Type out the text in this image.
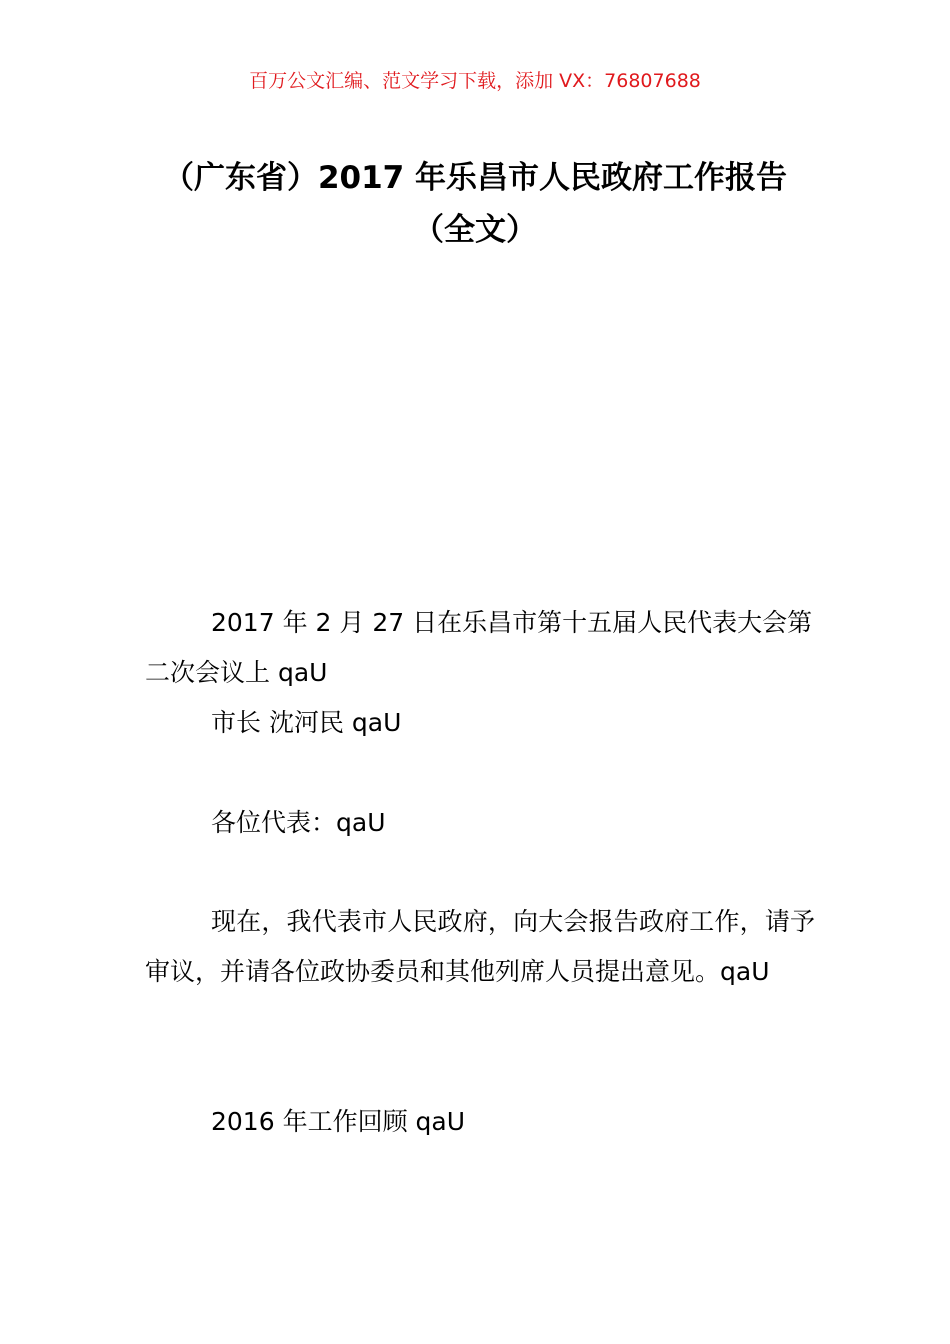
百万公文汇编、范文学习下载，添加 VX：76807688
（广东省）2017 年乐昌市人民政府工作报告（全文）

2017 年 2 月 27 日在乐昌市第十五届人民代表大会第二次会议上 qaU

市长 沈河民 qaU

各位代表：qaU

现在，我代表市人民政府，向大会报告政府工作，请予审议，并请各位政协委员和其他列席人员提出意见。qaU

2016 年工作回顾 qaU
